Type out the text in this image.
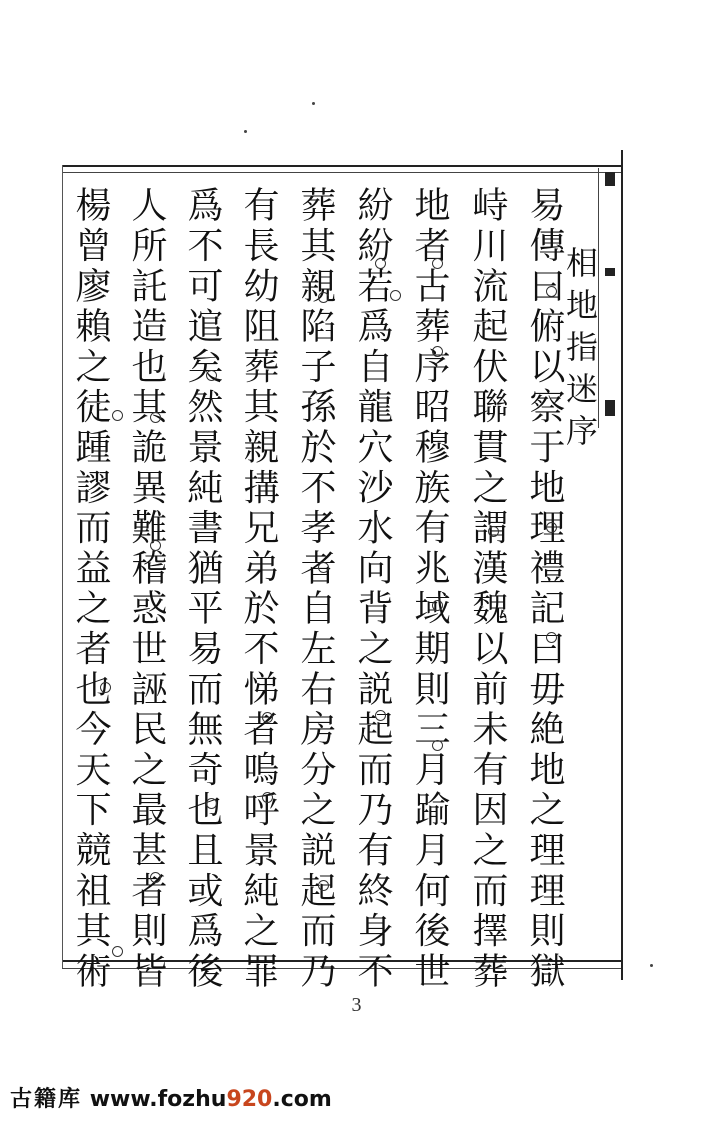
相地指迷序
易傳曰俯以察于地理禮記曰毋絶地之理理則獄
峙川流起伏聯貫之謂漢魏以前未有因之而擇葬
地者古葬序昭穆族有兆域期則三月踰月何後世
紛紛若爲自龍穴沙水向背之説起而乃有終身不
葬其親陷子孫於不孝者自左右房分之説起而乃
有長幼阻葬其親搆兄弟於不悌者嗚呼景純之罪
爲不可逭矣然景純書猶平易而無奇也且或爲後
人所託造也其詭異難稽惑世誣民之最甚者則皆
楊曾廖賴之徒踵謬而益之者也今天下競祖其術
3
古籍库 www.fozhu920.com
